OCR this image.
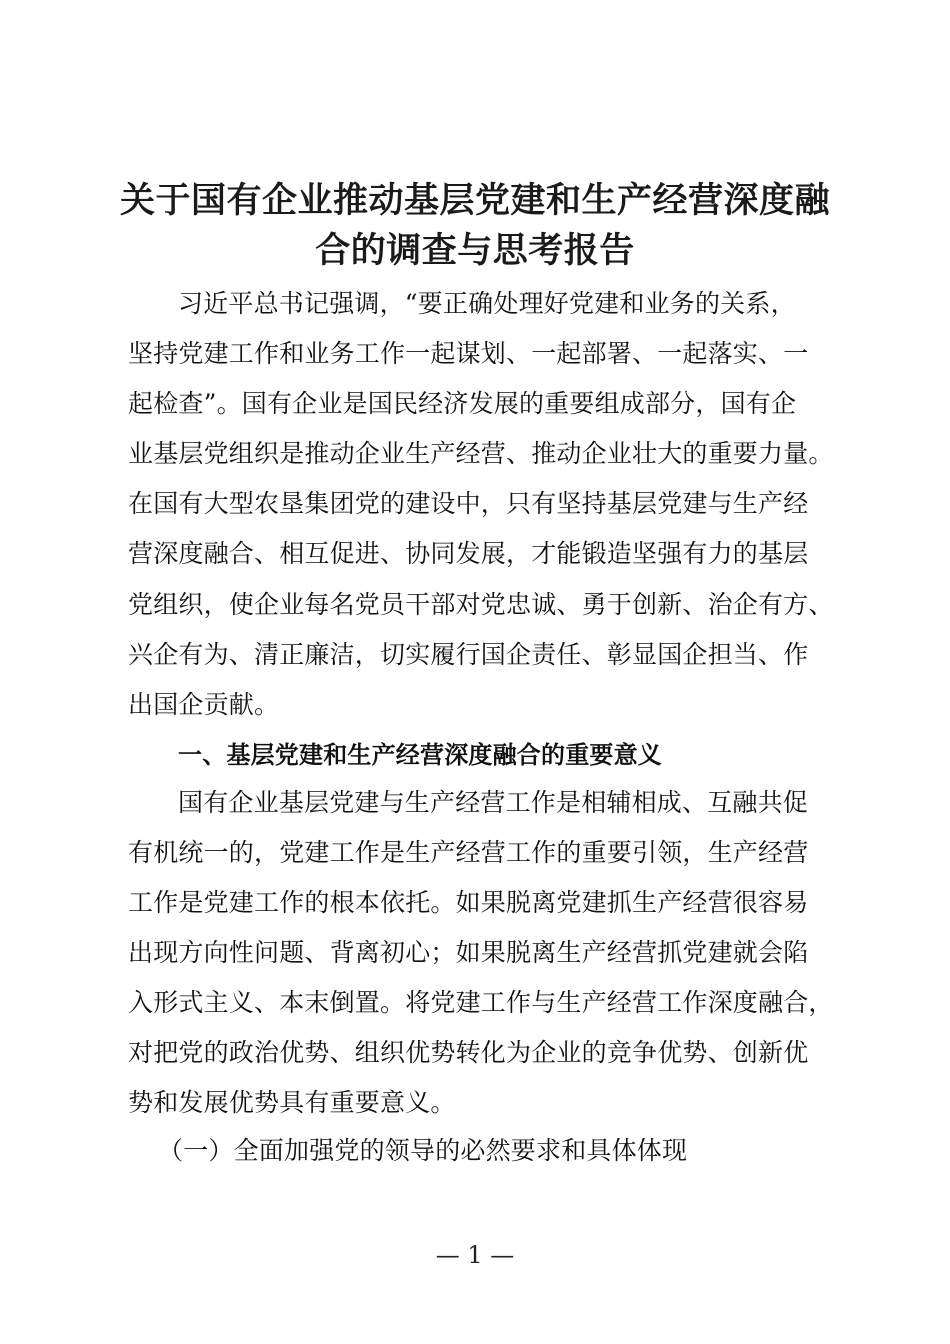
关于国有企业推动基层党建和生产经营深度融
合的调查与思考报告
习近平总书记强调，“要正确处理好党建和业务的关系，
坚持党建工作和业务工作一起谋划、一起部署、一起落实、一
起检查”。国有企业是国民经济发展的重要组成部分，国有企
业基层党组织是推动企业生产经营、推动企业壮大的重要力量。
在国有大型农垦集团党的建设中，只有坚持基层党建与生产经
营深度融合、相互促进、协同发展，才能锻造坚强有力的基层
党组织，使企业每名党员干部对党忠诚、勇于创新、治企有方、
兴企有为、清正廉洁，切实履行国企责任、彰显国企担当、作
出国企贡献。
一、基层党建和生产经营深度融合的重要意义
国有企业基层党建与生产经营工作是相辅相成、互融共促
有机统一的，党建工作是生产经营工作的重要引领，生产经营
工作是党建工作的根本依托。如果脱离党建抓生产经营很容易
出现方向性问题、背离初心；如果脱离生产经营抓党建就会陷
入形式主义、本末倒置。将党建工作与生产经营工作深度融合，
对把党的政治优势、组织优势转化为企业的竞争优势、创新优
势和发展优势具有重要意义。
（一）全面加强党的领导的必然要求和具体体现
— 1 —
